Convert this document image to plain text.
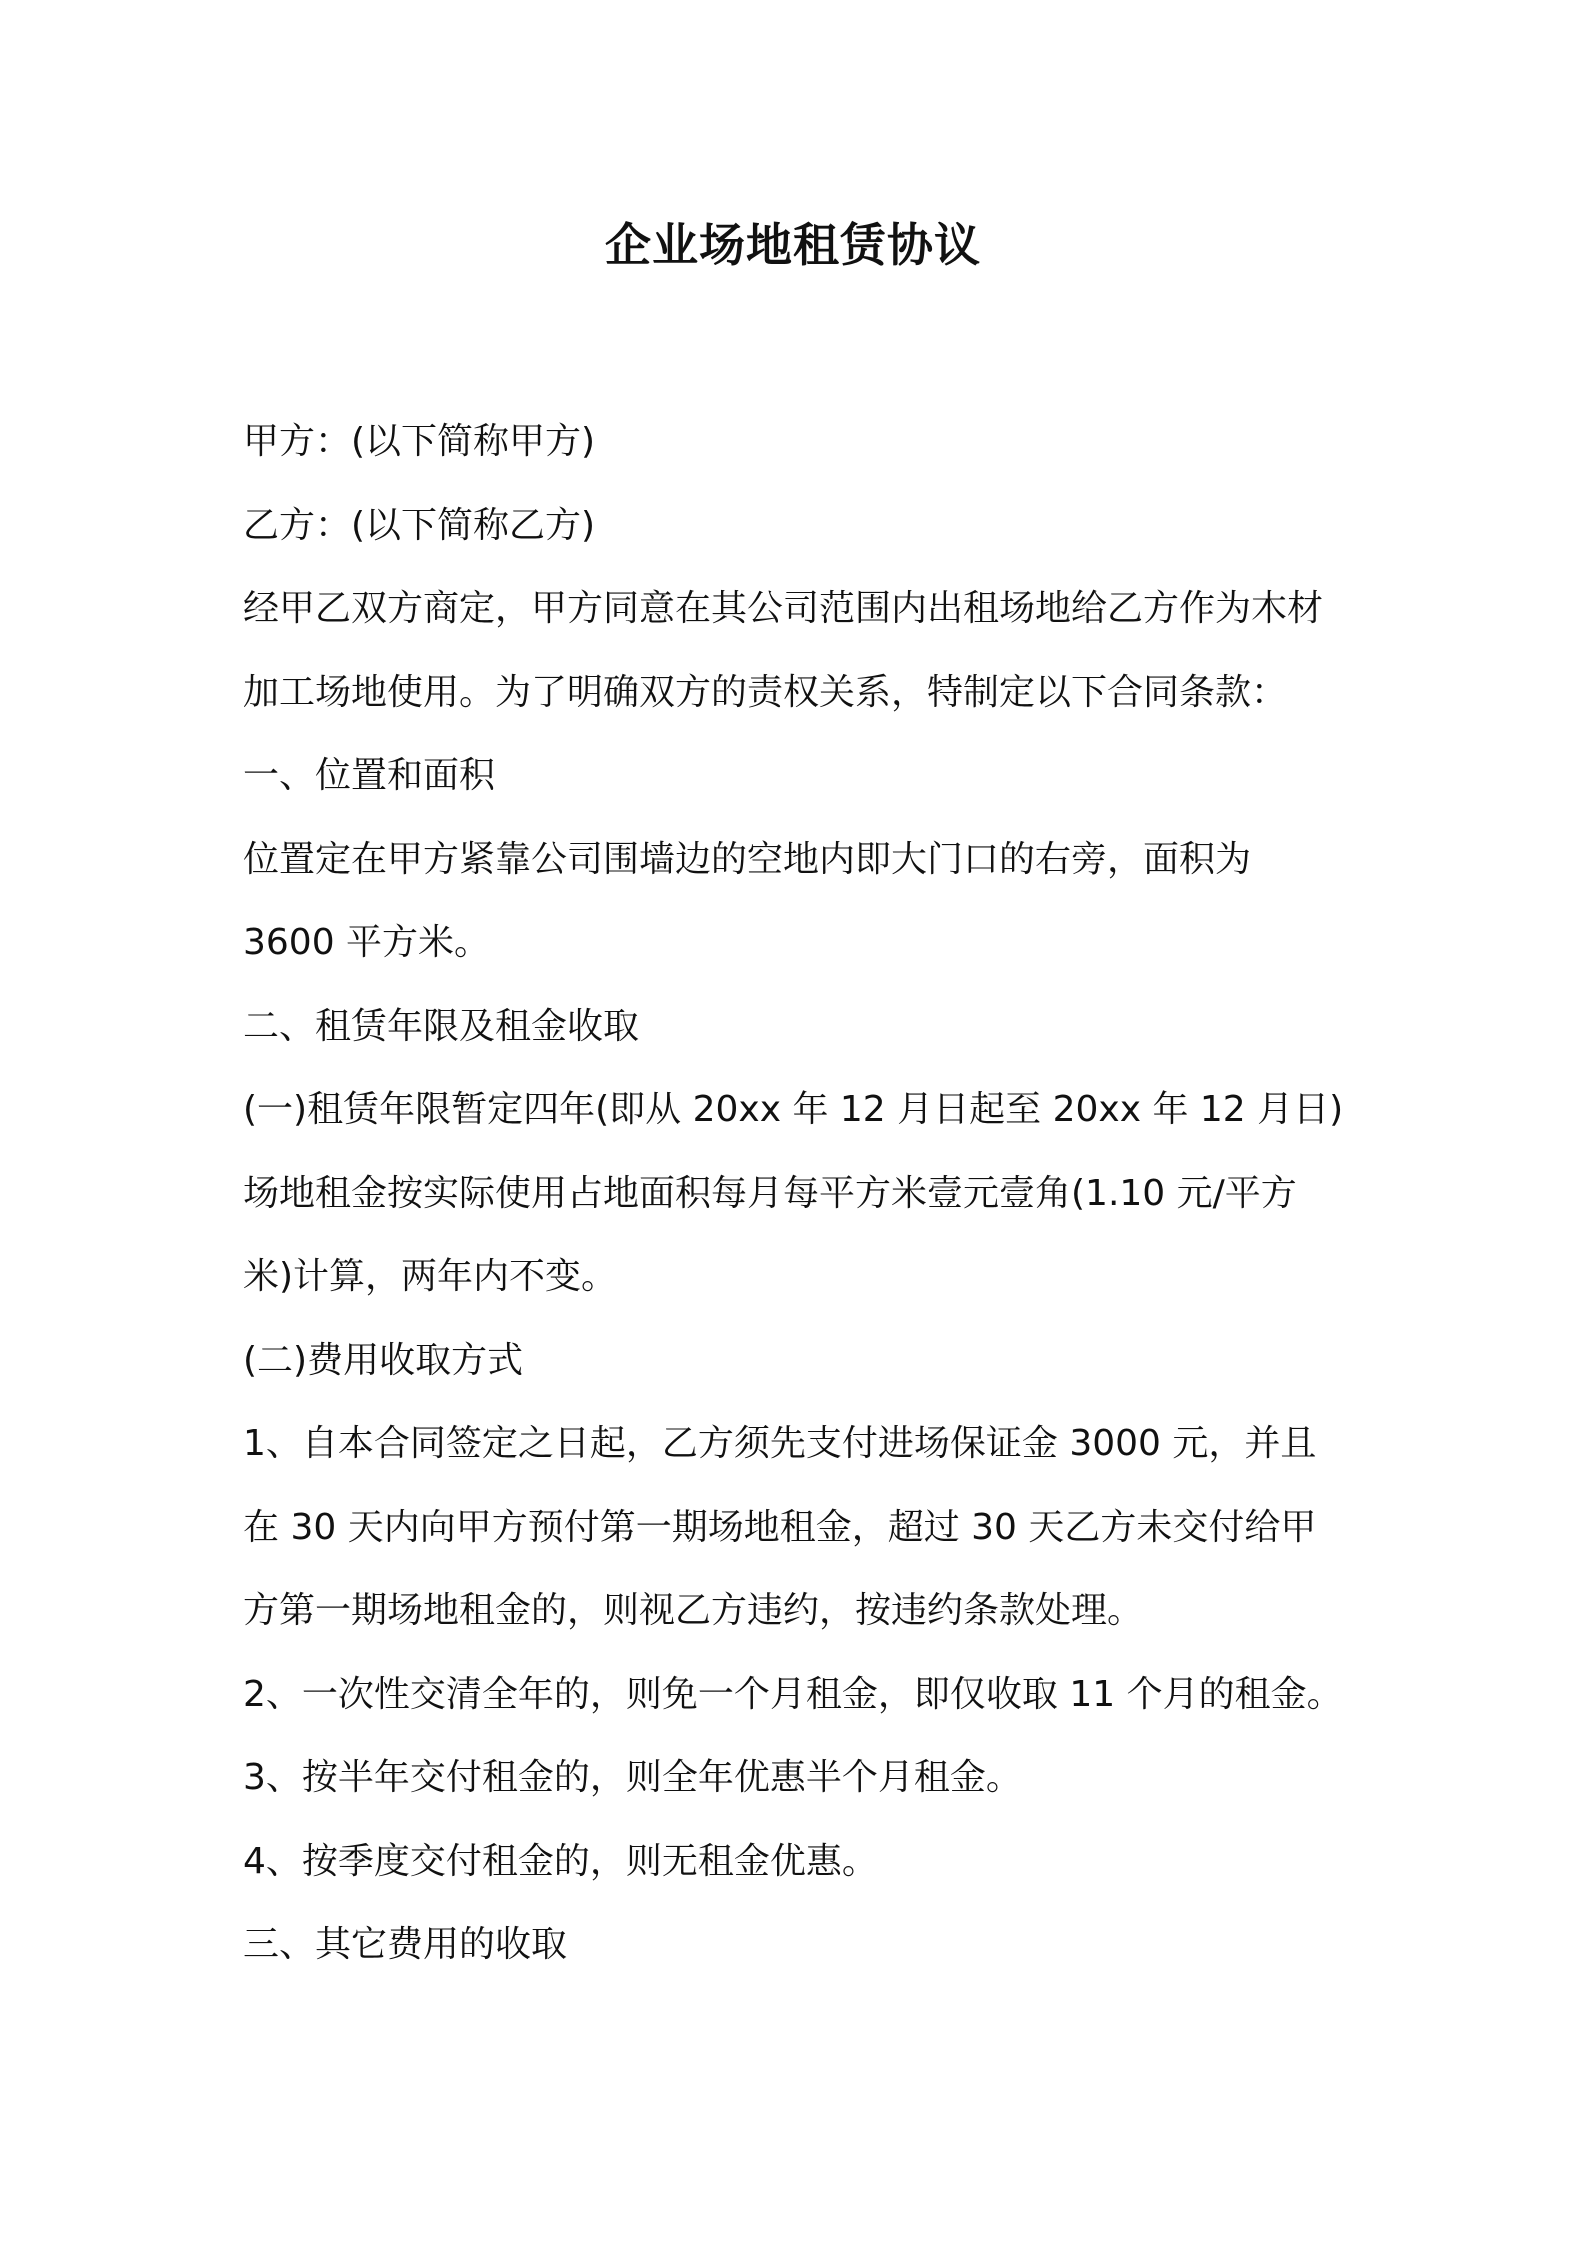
企业场地租赁协议

甲方：(以下简称甲方)

乙方：(以下简称乙方)

经甲乙双方商定，甲方同意在其公司范围内出租场地给乙方作为木材

加工场地使用。为了明确双方的责权关系，特制定以下合同条款：

一、位置和面积

位置定在甲方紧靠公司围墙边的空地内即大门口的右旁，面积为

3600 平方米。

二、租赁年限及租金收取

(一)租赁年限暂定四年(即从 20xx 年 12 月日起至 20xx 年 12 月日)

场地租金按实际使用占地面积每月每平方米壹元壹角(1.10 元/平方

米)计算，两年内不变。

(二)费用收取方式

1、自本合同签定之日起，乙方须先支付进场保证金 3000 元，并且

在 30 天内向甲方预付第一期场地租金，超过 30 天乙方未交付给甲

方第一期场地租金的，则视乙方违约，按违约条款处理。

2、一次性交清全年的，则免一个月租金，即仅收取 11 个月的租金。

3、按半年交付租金的，则全年优惠半个月租金。

4、按季度交付租金的，则无租金优惠。

三、其它费用的收取
